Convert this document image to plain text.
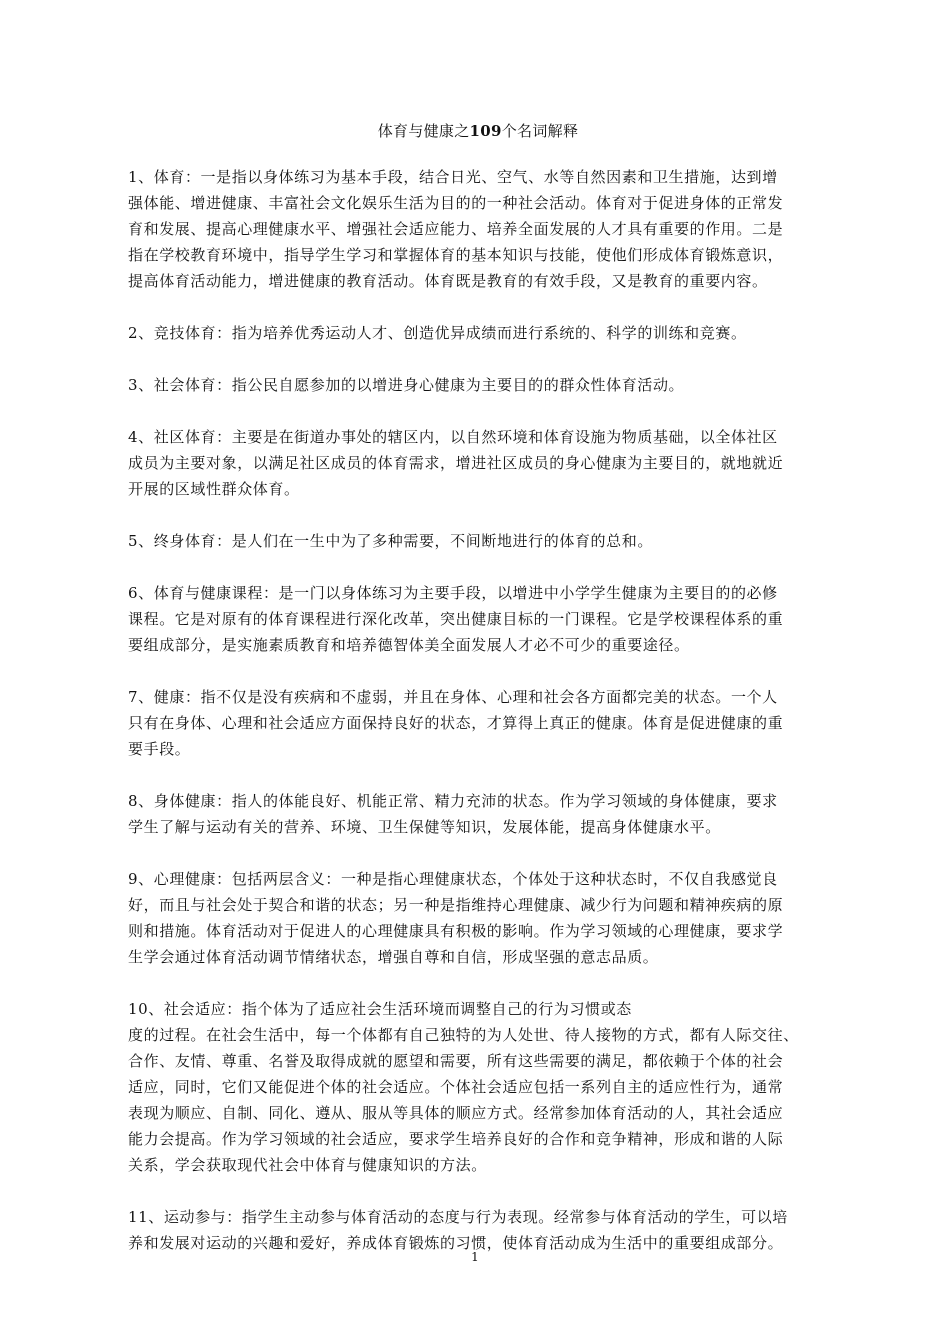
体育与健康之109个名词解释
1、体育：一是指以身体练习为基本手段，结合日光、空气、水等自然因素和卫生措施，达到增
强体能、增进健康、丰富社会文化娱乐生活为目的的一种社会活动。体育对于促进身体的正常发
育和发展、提高心理健康水平、增强社会适应能力、培养全面发展的人才具有重要的作用。二是
指在学校教育环境中，指导学生学习和掌握体育的基本知识与技能，使他们形成体育锻炼意识，
提高体育活动能力，增进健康的教育活动。体育既是教育的有效手段，又是教育的重要内容。
2、竞技体育：指为培养优秀运动人才、创造优异成绩而进行系统的、科学的训练和竞赛。
3、社会体育：指公民自愿参加的以增进身心健康为主要目的的群众性体育活动。
4、社区体育：主要是在街道办事处的辖区内，以自然环境和体育设施为物质基础，以全体社区
成员为主要对象，以满足社区成员的体育需求，增进社区成员的身心健康为主要目的，就地就近
开展的区域性群众体育。
5、终身体育：是人们在一生中为了多种需要，不间断地进行的体育的总和。
6、体育与健康课程：是一门以身体练习为主要手段，以增进中小学学生健康为主要目的的必修
课程。它是对原有的体育课程进行深化改革，突出健康目标的一门课程。它是学校课程体系的重
要组成部分，是实施素质教育和培养德智体美全面发展人才必不可少的重要途径。
7、健康：指不仅是没有疾病和不虚弱，并且在身体、心理和社会各方面都完美的状态。一个人
只有在身体、心理和社会适应方面保持良好的状态，才算得上真正的健康。体育是促进健康的重
要手段。
8、身体健康：指人的体能良好、机能正常、精力充沛的状态。作为学习领域的身体健康，要求
学生了解与运动有关的营养、环境、卫生保健等知识，发展体能，提高身体健康水平。
9、心理健康：包括两层含义：一种是指心理健康状态，个体处于这种状态时，不仅自我感觉良
好，而且与社会处于契合和谐的状态；另一种是指维持心理健康、减少行为问题和精神疾病的原
则和措施。体育活动对于促进人的心理健康具有积极的影响。作为学习领域的心理健康，要求学
生学会通过体育活动调节情绪状态，增强自尊和自信，形成坚强的意志品质。
10、社会适应：指个体为了适应社会生活环境而调整自己的行为习惯或态
度的过程。在社会生活中，每一个体都有自己独特的为人处世、待人接物的方式，都有人际交往、
合作、友情、尊重、名誉及取得成就的愿望和需要，所有这些需要的满足，都依赖于个体的社会
适应，同时，它们又能促进个体的社会适应。个体社会适应包括一系列自主的适应性行为，通常
表现为顺应、自制、同化、遵从、服从等具体的顺应方式。经常参加体育活动的人，其社会适应
能力会提高。作为学习领域的社会适应，要求学生培养良好的合作和竞争精神，形成和谐的人际
关系，学会获取现代社会中体育与健康知识的方法。
11、运动参与：指学生主动参与体育活动的态度与行为表现。经常参与体育活动的学生，可以培
养和发展对运动的兴趣和爱好，养成体育锻炼的习惯，使体育活动成为生活中的重要组成部分。
1
